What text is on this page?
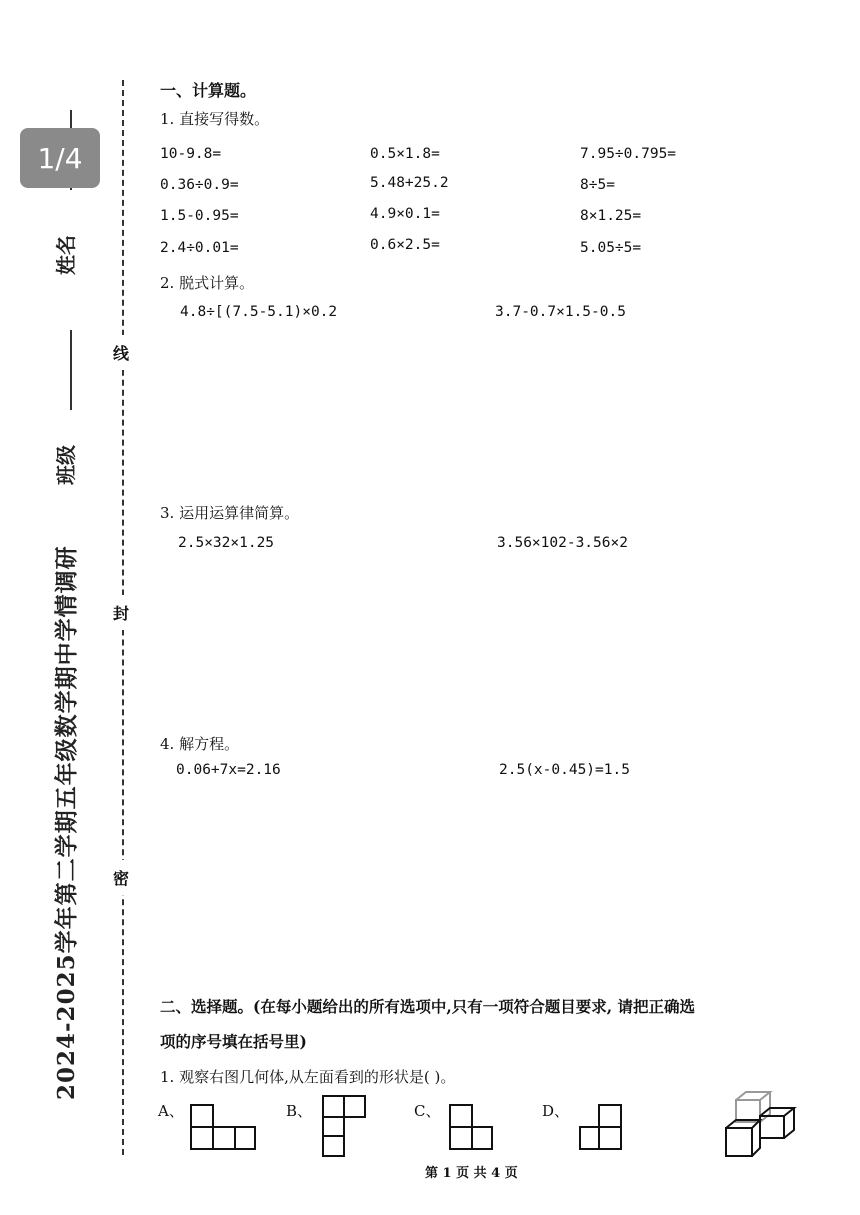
线
封
密
姓名
班级
2024-2025学年第二学期五年级数学期中学情调研
1/4
一、计算题。
1. 直接写得数。
10-9.8=	0.5×1.8=	7.95÷0.795=
0.36÷0.9=	5.48+25.2	8÷5=
1.5-0.95=	4.9×0.1=	8×1.25=
2.4÷0.01=	0.6×2.5=	5.05÷5=
2. 脱式计算。
4.8÷[(7.5-5.1)×0.2	3.7-0.7×1.5-0.5
3. 运用运算律简算。
2.5×32×1.25	3.56×102-3.56×2
4. 解方程。
0.06+7x=2.16	2.5(x-0.45)=1.5
二、选择题。(在每小题给出的所有选项中,只有一项符合题目要求, 请把正确选
项的序号填在括号里)
1. 观察右图几何体,从左面看到的形状是( )。
A、	B、	C、	D、
第 1 页 共 4 页
